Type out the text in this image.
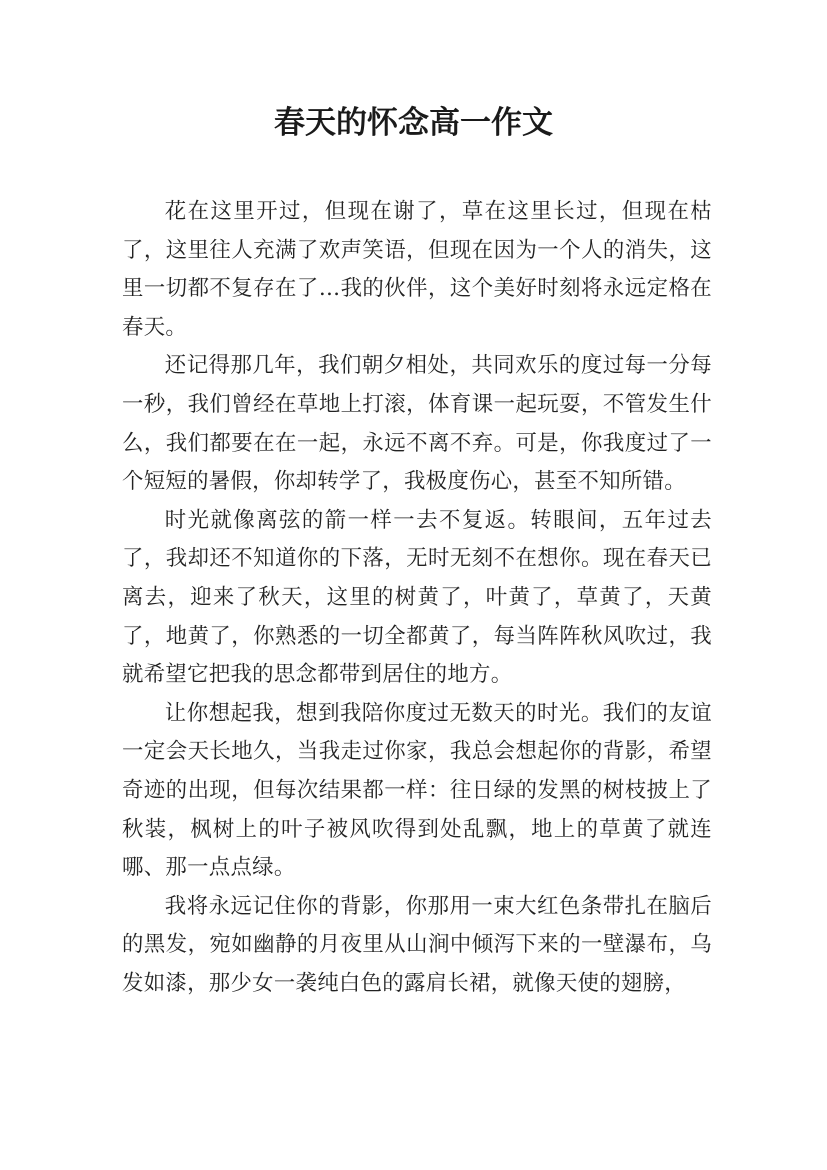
春天的怀念高一作文

花在这里开过，但现在谢了，草在这里长过，但现在枯了，这里往人充满了欢声笑语，但现在因为一个人的消失，这里一切都不复存在了…我的伙伴，这个美好时刻将永远定格在春天。

还记得那几年，我们朝夕相处，共同欢乐的度过每一分每一秒，我们曾经在草地上打滚，体育课一起玩耍，不管发生什么，我们都要在在一起，永远不离不弃。可是，你我度过了一个短短的暑假，你却转学了，我极度伤心，甚至不知所错。

时光就像离弦的箭一样一去不复返。转眼间，五年过去了，我却还不知道你的下落，无时无刻不在想你。现在春天已离去，迎来了秋天，这里的树黄了，叶黄了，草黄了，天黄了，地黄了，你熟悉的一切全都黄了，每当阵阵秋风吹过，我就希望它把我的思念都带到居住的地方。

让你想起我，想到我陪你度过无数天的时光。我们的友谊一定会天长地久，当我走过你家，我总会想起你的背影，希望奇迹的出现，但每次结果都一样：往日绿的发黑的树枝披上了秋装，枫树上的叶子被风吹得到处乱飘，地上的草黄了就连哪、那一点点绿。

我将永远记住你的背影，你那用一束大红色条带扎在脑后的黑发，宛如幽静的月夜里从山涧中倾泻下来的一壁瀑布，乌发如漆，那少女一袭纯白色的露肩长裙，就像天使的翅膀，
